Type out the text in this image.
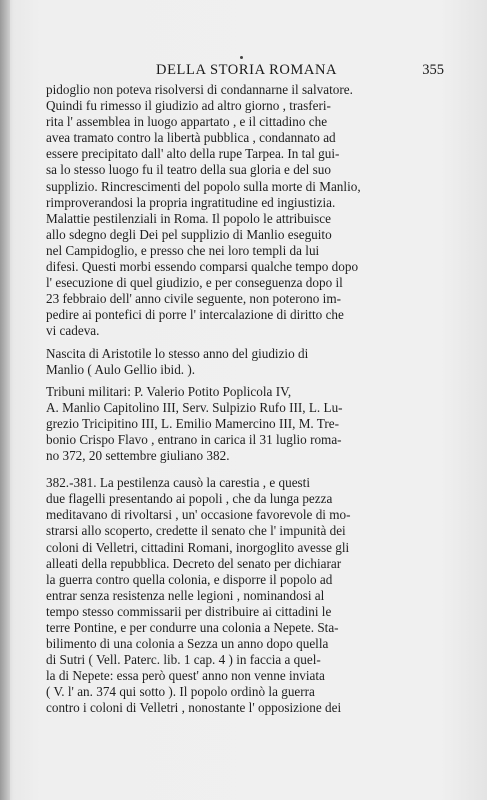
DELLA STORIA ROMANA	355
pidoglio non poteva risolversi di condannarne il salvatore.
Quindi fu rimesso il giudizio ad altro giorno , trasferi-
rita l' assemblea in luogo appartato , e il cittadino che
avea tramato contro la libertà pubblica , condannato ad
essere precipitato dall' alto della rupe Tarpea. In tal gui-
sa lo stesso luogo fu il teatro della sua gloria e del suo
supplizio. Rincrescimenti del popolo sulla morte di Manlio,
rimproverandosi la propria ingratitudine ed ingiustizia.
Malattie pestilenziali in Roma. Il popolo le attribuisce
allo sdegno degli Dei pel supplizio di Manlio eseguito
nel Campidoglio, e presso che nei loro templi da lui
difesi. Questi morbi essendo comparsi qualche tempo dopo
l' esecuzione di quel giudizio, e per conseguenza dopo il
23 febbraio dell' anno civile seguente, non poterono im-
pedire ai pontefici di porre l' intercalazione di diritto che
vi cadeva.
Nascita di Aristotile lo stesso anno del giudizio di
Manlio ( Aulo Gellio ibid. ).
Tribuni militari: P. Valerio Potito Poplicola IV,
A. Manlio Capitolino III, Serv. Sulpizio Rufo III, L. Lu-
grezio Tricipitino III, L. Emilio Mamercino III, M. Tre-
bonio Crispo Flavo , entrano in carica il 31 luglio roma-
no 372, 20 settembre giuliano 382.
382.-381. La pestilenza causò la carestia , e questi
due flagelli presentando ai popoli , che da lunga pezza
meditavano di rivoltarsi , un' occasione favorevole di mo-
strarsi allo scoperto, credette il senato che l' impunità dei
coloni di Velletri, cittadini Romani, inorgoglito avesse gli
alleati della repubblica. Decreto del senato per dichiarar
la guerra contro quella colonia, e disporre il popolo ad
entrar senza resistenza nelle legioni , nominandosi al
tempo stesso commissarii per distribuire ai cittadini le
terre Pontine, e per condurre una colonia a Nepete. Sta-
bilimento di una colonia a Sezza un anno dopo quella
di Sutri ( Vell. Paterc. lib. 1 cap. 4 ) in faccia a quel-
la di Nepete: essa però quest' anno non venne inviata
( V. l' an. 374 qui sotto ). Il popolo ordinò la guerra
contro i coloni di Velletri , nonostante l' opposizione dei
